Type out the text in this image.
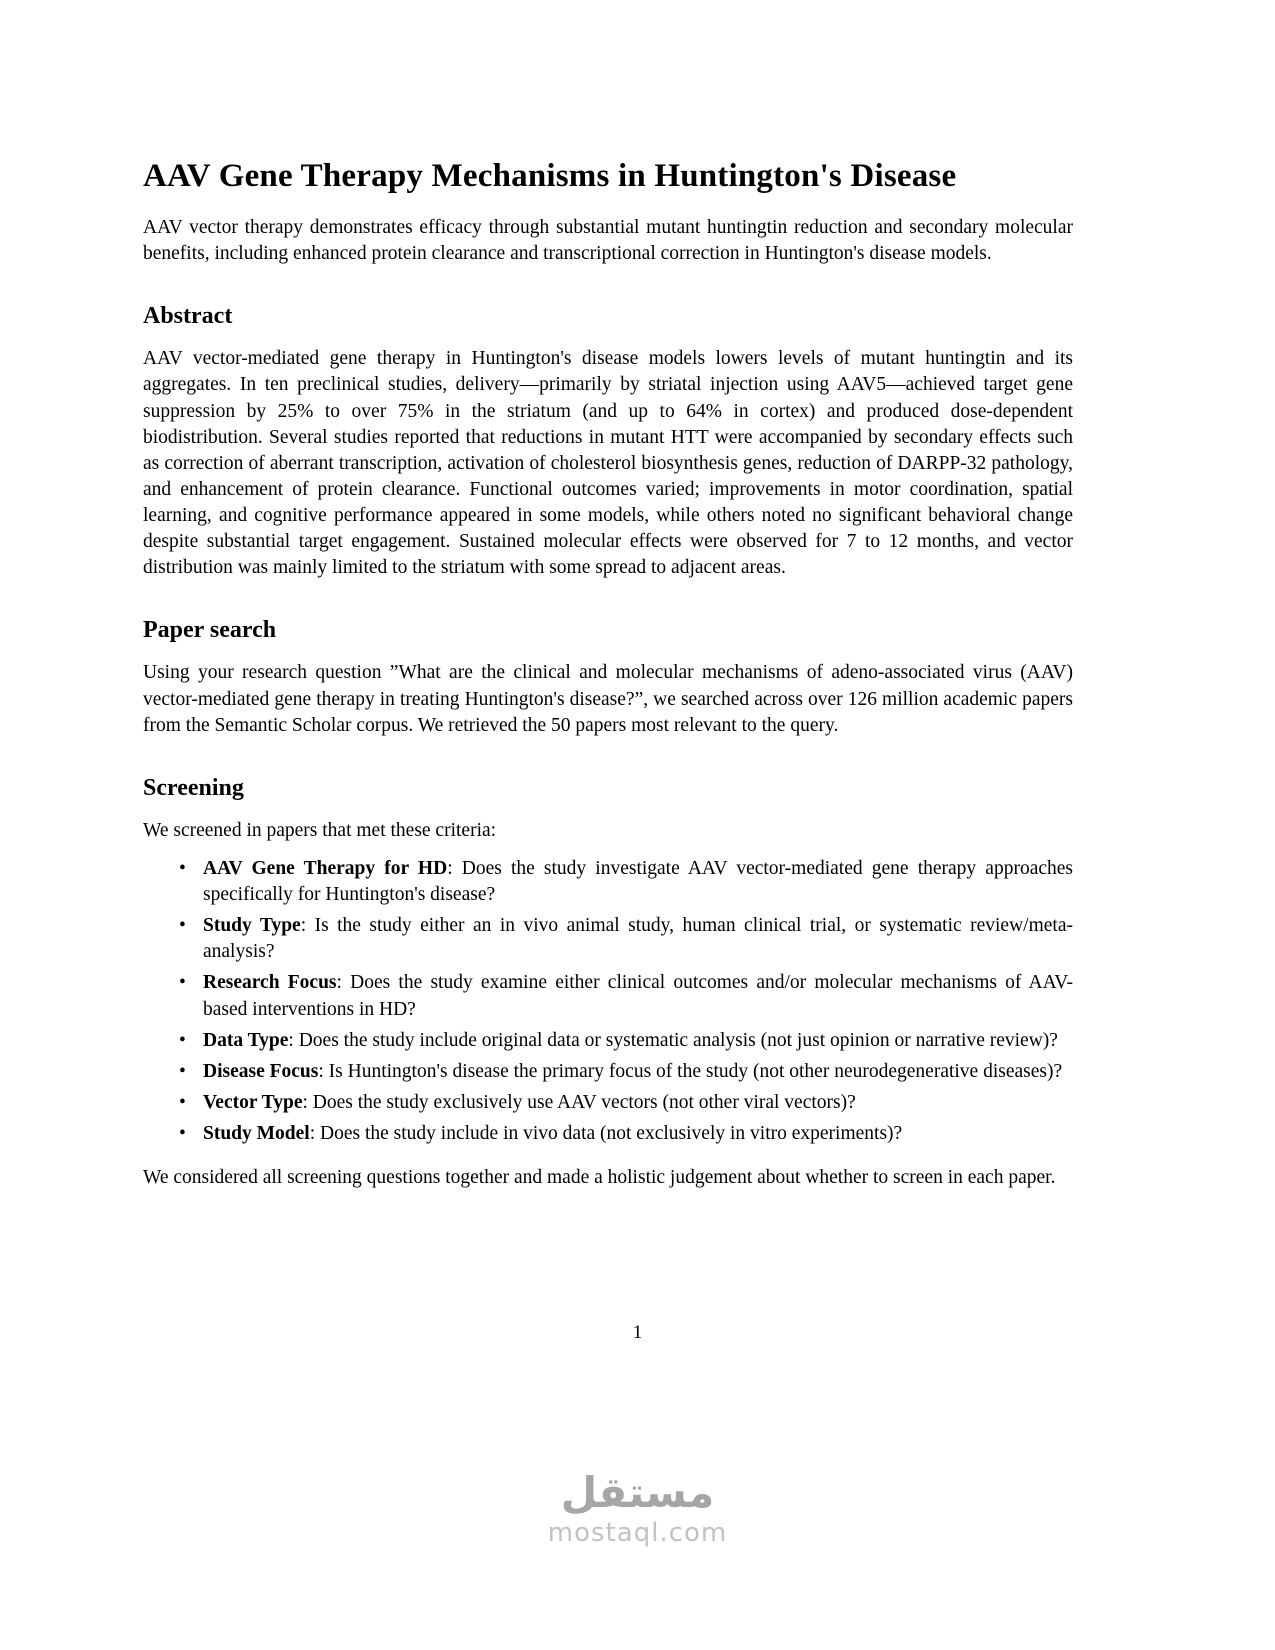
AAV Gene Therapy Mechanisms in Huntington's Disease

AAV vector therapy demonstrates efficacy through substantial mutant huntingtin reduction and secondary molecular benefits, including enhanced protein clearance and transcriptional correction in Huntington's disease models.

Abstract

AAV vector-mediated gene therapy in Huntington's disease models lowers levels of mutant huntingtin and its aggregates. In ten preclinical studies, delivery—primarily by striatal injection using AAV5—achieved target gene suppression by 25% to over 75% in the striatum (and up to 64% in cortex) and produced dose-dependent biodistribution. Several studies reported that reductions in mutant HTT were accompanied by secondary effects such as correction of aberrant transcription, activation of cholesterol biosynthesis genes, reduction of DARPP-32 pathology, and enhancement of protein clearance. Functional outcomes varied; improvements in motor coordination, spatial learning, and cognitive performance appeared in some models, while others noted no significant behavioral change despite substantial target engagement. Sustained molecular effects were observed for 7 to 12 months, and vector distribution was mainly limited to the striatum with some spread to adjacent areas.

Paper search

Using your research question ”What are the clinical and molecular mechanisms of adeno-associated virus (AAV) vector-mediated gene therapy in treating Huntington's disease?”, we searched across over 126 million academic papers from the Semantic Scholar corpus. We retrieved the 50 papers most relevant to the query.

Screening

We screened in papers that met these criteria:

• AAV Gene Therapy for HD: Does the study investigate AAV vector-mediated gene therapy approaches specifically for Huntington's disease?
• Study Type: Is the study either an in vivo animal study, human clinical trial, or systematic review/meta-analysis?
• Research Focus: Does the study examine either clinical outcomes and/or molecular mechanisms of AAV-based interventions in HD?
• Data Type: Does the study include original data or systematic analysis (not just opinion or narrative review)?
• Disease Focus: Is Huntington's disease the primary focus of the study (not other neurodegenerative diseases)?
• Vector Type: Does the study exclusively use AAV vectors (not other viral vectors)?
• Study Model: Does the study include in vivo data (not exclusively in vitro experiments)?

We considered all screening questions together and made a holistic judgement about whether to screen in each paper.

1
مستقل
mostaql.com
